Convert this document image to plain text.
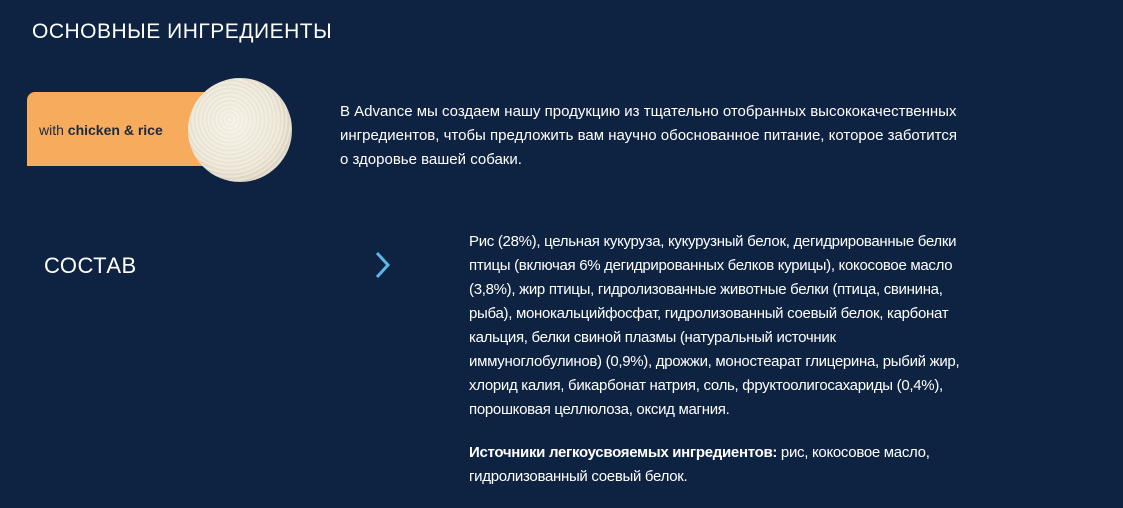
ОСНОВНЫЕ ИНГРЕДИЕНТЫ
with chicken & rice
В Advance мы создаем нашу продукцию из тщательно отобранных высококачественных
ингредиентов, чтобы предложить вам научно обоснованное питание, которое заботится
о здоровье вашей собаки.
СОСТАВ
Рис (28%), цельная кукуруза, кукурузный белок, дегидрированные белки
птицы (включая 6% дегидрированных белков курицы), кокосовое масло
(3,8%), жир птицы, гидролизованные животные белки (птица, свинина,
рыба), монокальцийфосфат, гидролизованный соевый белок, карбонат
кальция, белки свиной плазмы (натуральный источник
иммуноглобулинов) (0,9%), дрожжи, моностеарат глицерина, рыбий жир,
хлорид калия, бикарбонат натрия, соль, фруктоолигосахариды (0,4%),
порошковая целлюлоза, оксид магния.
Источники легкоусвояемых ингредиентов: рис, кокосовое масло,
гидролизованный соевый белок.
